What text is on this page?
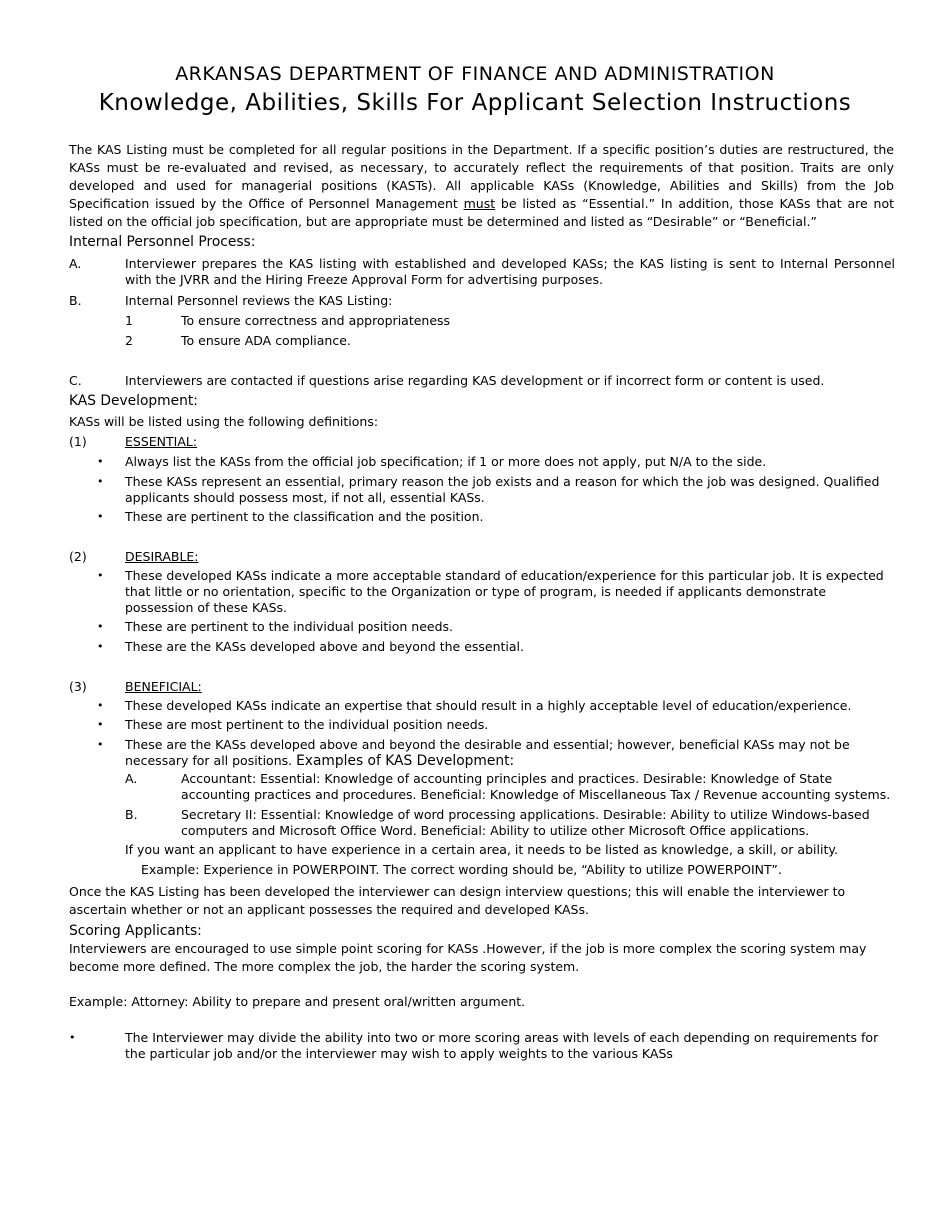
ARKANSAS DEPARTMENT OF FINANCE AND ADMINISTRATION
Knowledge, Abilities, Skills For Applicant Selection Instructions

The KAS Listing must be completed for all regular positions in the Department. If a specific position’s duties are restructured, the KASs must be re-evaluated and revised, as necessary, to accurately reflect the requirements of that position. Traits are only developed and used for managerial positions (KASTs). All applicable KASs (Knowledge, Abilities and Skills) from the Job Specification issued by the Office of Personnel Management must be listed as “Essential.” In addition, those KASs that are not listed on the official job specification, but are appropriate must be determined and listed as “Desirable” or “Beneficial.”

Internal Personnel Process:
A.	Interviewer prepares the KAS listing with established and developed KASs; the KAS listing is sent to Internal Personnel with the JVRR and the Hiring Freeze Approval Form for advertising purposes.

B.	Internal Personnel reviews the KAS Listing:
1	To ensure correctness and appropriateness
2	To ensure ADA compliance.
C.	Interviewers are contacted if questions arise regarding KAS development or if incorrect form or content is used.
KAS Development:
KASs will be listed using the following definitions:
(1)	ESSENTIAL:
• Always list the KASs from the official job specification; if 1 or more does not apply, put N/A to the side.

• These KASs represent an essential, primary reason the job exists and a reason for which the job was designed. Qualified applicants should possess most, if not all, essential KASs.

• These are pertinent to the classification and the position.

(2)	DESIRABLE:
• These developed KASs indicate a more acceptable standard of education/experience for this particular job. It is expected that little or no orientation, specific to the Organization or type of program, is needed if applicants demonstrate possession of these KASs.

• These are pertinent to the individual position needs.

• These are the KASs developed above and beyond the essential.

(3)	BENEFICIAL:
• These developed KASs indicate an expertise that should result in a highly acceptable level of education/experience.

• These are most pertinent to the individual position needs.

• These are the KASs developed above and beyond the desirable and essential; however, beneficial KASs may not be necessary for all positions. Examples of KAS Development:

A.	Accountant: Essential: Knowledge of accounting principles and practices. Desirable: Knowledge of State accounting practices and procedures. Beneficial: Knowledge of Miscellaneous Tax / Revenue accounting systems.

B.	Secretary II: Essential: Knowledge of word processing applications. Desirable: Ability to utilize Windows-based computers and Microsoft Office Word. Beneficial: Ability to utilize other Microsoft Office applications.

If you want an applicant to have experience in a certain area, it needs to be listed as knowledge, a skill, or ability.
Example: Experience in POWERPOINT. The correct wording should be, “Ability to utilize POWERPOINT”.

Once the KAS Listing has been developed the interviewer can design interview questions; this will enable the interviewer to ascertain whether or not an applicant possesses the required and developed KASs.

Scoring Applicants:

Interviewers are encouraged to use simple point scoring for KASs .However, if the job is more complex the scoring system may become more defined. The more complex the job, the harder the scoring system.

Example: Attorney: Ability to prepare and present oral/written argument.
•	The Interviewer may divide the ability into two or more scoring areas with levels of each depending on requirements for the particular job and/or the interviewer may wish to apply weights to the various KASs
